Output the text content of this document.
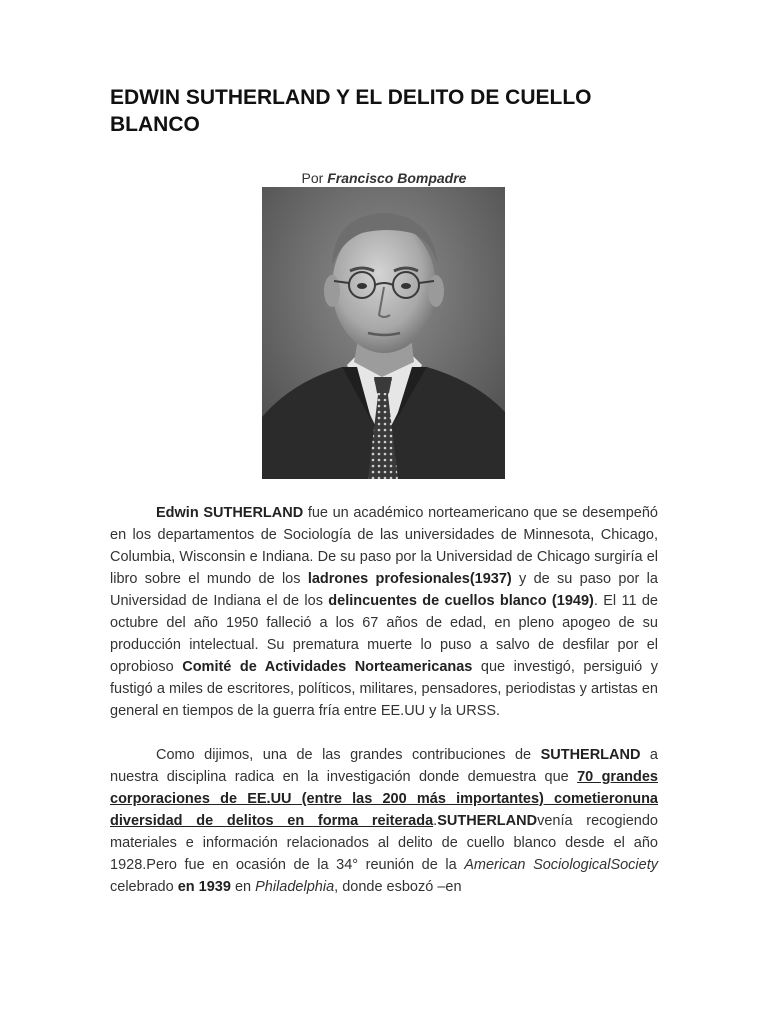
EDWIN SUTHERLAND Y EL DELITO DE CUELLO BLANCO
Por Francisco Bompadre

Edwin SUTHERLAND fue un académico norteamericano que se desempeñó en los departamentos de Sociología de las universidades de Minnesota, Chicago, Columbia, Wisconsin e Indiana. De su paso por la Universidad de Chicago surgiría el libro sobre el mundo de los ladrones profesionales(1937) y de su paso por la Universidad de Indiana el de los delincuentes de cuellos blanco (1949). El 11 de octubre del año 1950 falleció a los 67 años de edad, en pleno apogeo de su producción intelectual. Su prematura muerte lo puso a salvo de desfilar por el oprobioso Comité de Actividades Norteamericanas que investigó, persiguió y fustigó a miles de escritores, políticos, militares, pensadores, periodistas y artistas en general en tiempos de la guerra fría entre EE.UU y la URSS.

Como dijimos, una de las grandes contribuciones de SUTHERLAND a nuestra disciplina radica en la investigación donde demuestra que 70 grandes corporaciones de EE.UU (entre las 200 más importantes) cometieronuna diversidad de delitos en forma reiterada.SUTHERLANDvenía recogiendo materiales e información relacionados al delito de cuello blanco desde el año 1928.Pero fue en ocasión de la 34° reunión de la American SociologicalSociety celebrado en 1939 en Philadelphia, donde esbozó –en
